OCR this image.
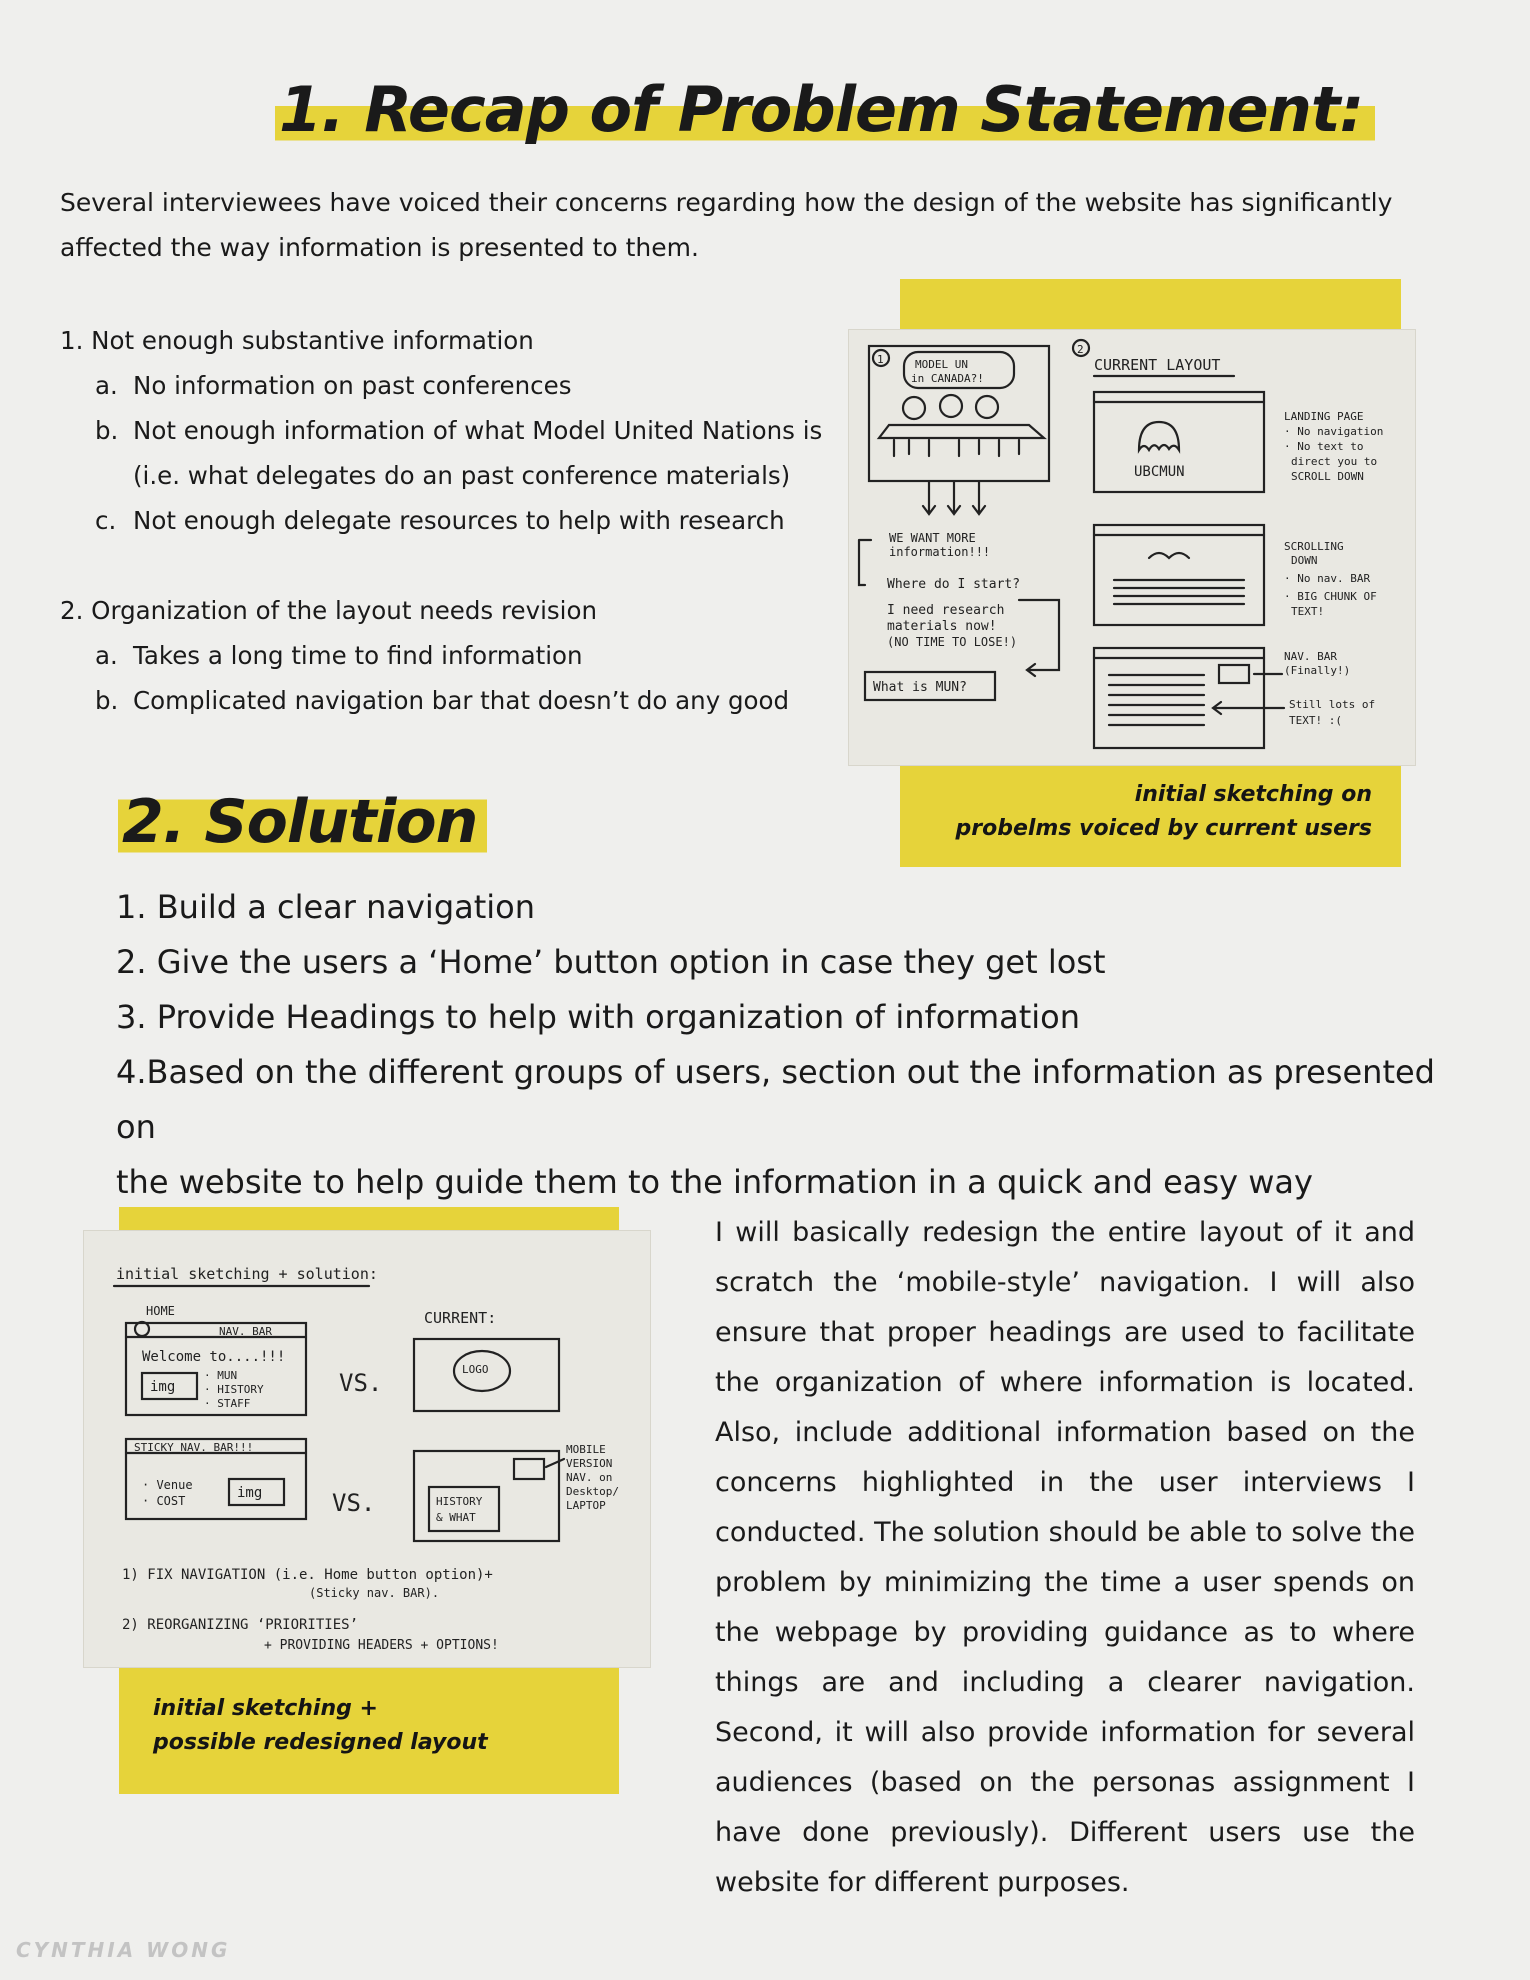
1. Recap of Problem Statement:

Several interviewees have voiced their concerns regarding how the design of the website has significantly affected the way information is presented to them.

1. Not enough substantive information

a. No information on past conferences
b. Not enough information of what Model United Nations is
(i.e. what delegates do an past conference materials)
c. Not enough delegate resources to help with research

2. Organization of the layout needs revision

a. Takes a long time to find information
b. Complicated navigation bar that doesn’t do any good
1	MODEL UN
in CANADA?!
WE WANT MORE
information!!!
Where do I start?
I need research
materials now!
(NO TIME TO LOSE!)
What is MUN?
2
CURRENT LAYOUT
UBCMUN
LANDING PAGE
· No navigation
· No text to
direct you to
SCROLL DOWN
SCROLLING
DOWN
· No nav. BAR
· BIG CHUNK OF
TEXT!
NAV. BAR
(Finally!)
Still lots of
TEXT! :(
initial sketching on
probelms voiced by current users
2. Solution

1. Build a clear navigation

2. Give the users a ‘Home’ button option in case they get lost

3. Provide Headings to help with organization of information

4.Based on the different groups of users, section out the information as presented on

the website to help guide them to the information in a quick and easy way

initial sketching + solution:
HOME
NAV. BAR
Welcome to....!!!
img
· MUN
· HISTORY
· STAFF
VS.
CURRENT:
LOGO
STICKY NAV. BAR!!!
· Venue
· COST	img	VS.	HISTORY
& WHAT
MOBILE
VERSION
NAV. on
Desktop/
LAPTOP
1) FIX NAVIGATION (i.e. Home button option)+
(Sticky nav. BAR).
2) REORGANIZING ‘PRIORITIES’
+ PROVIDING HEADERS + OPTIONS!
initial sketching +
possible redesigned layout

I will basically redesign the entire layout of it and scratch the ‘mobile-style’ navigation. I will also ensure that proper headings are used to facilitate the organization of where information is located. Also, include additional information based on the concerns highlighted in the user interviews I conducted. The solution should be able to solve the problem by minimizing the time a user spends on the webpage by providing guidance as to where things are and including a clearer navigation. Second, it will also provide information for several audiences (based on the personas assignment I have done previously). Different users use the website for different purposes.

CYNTHIA WONG
